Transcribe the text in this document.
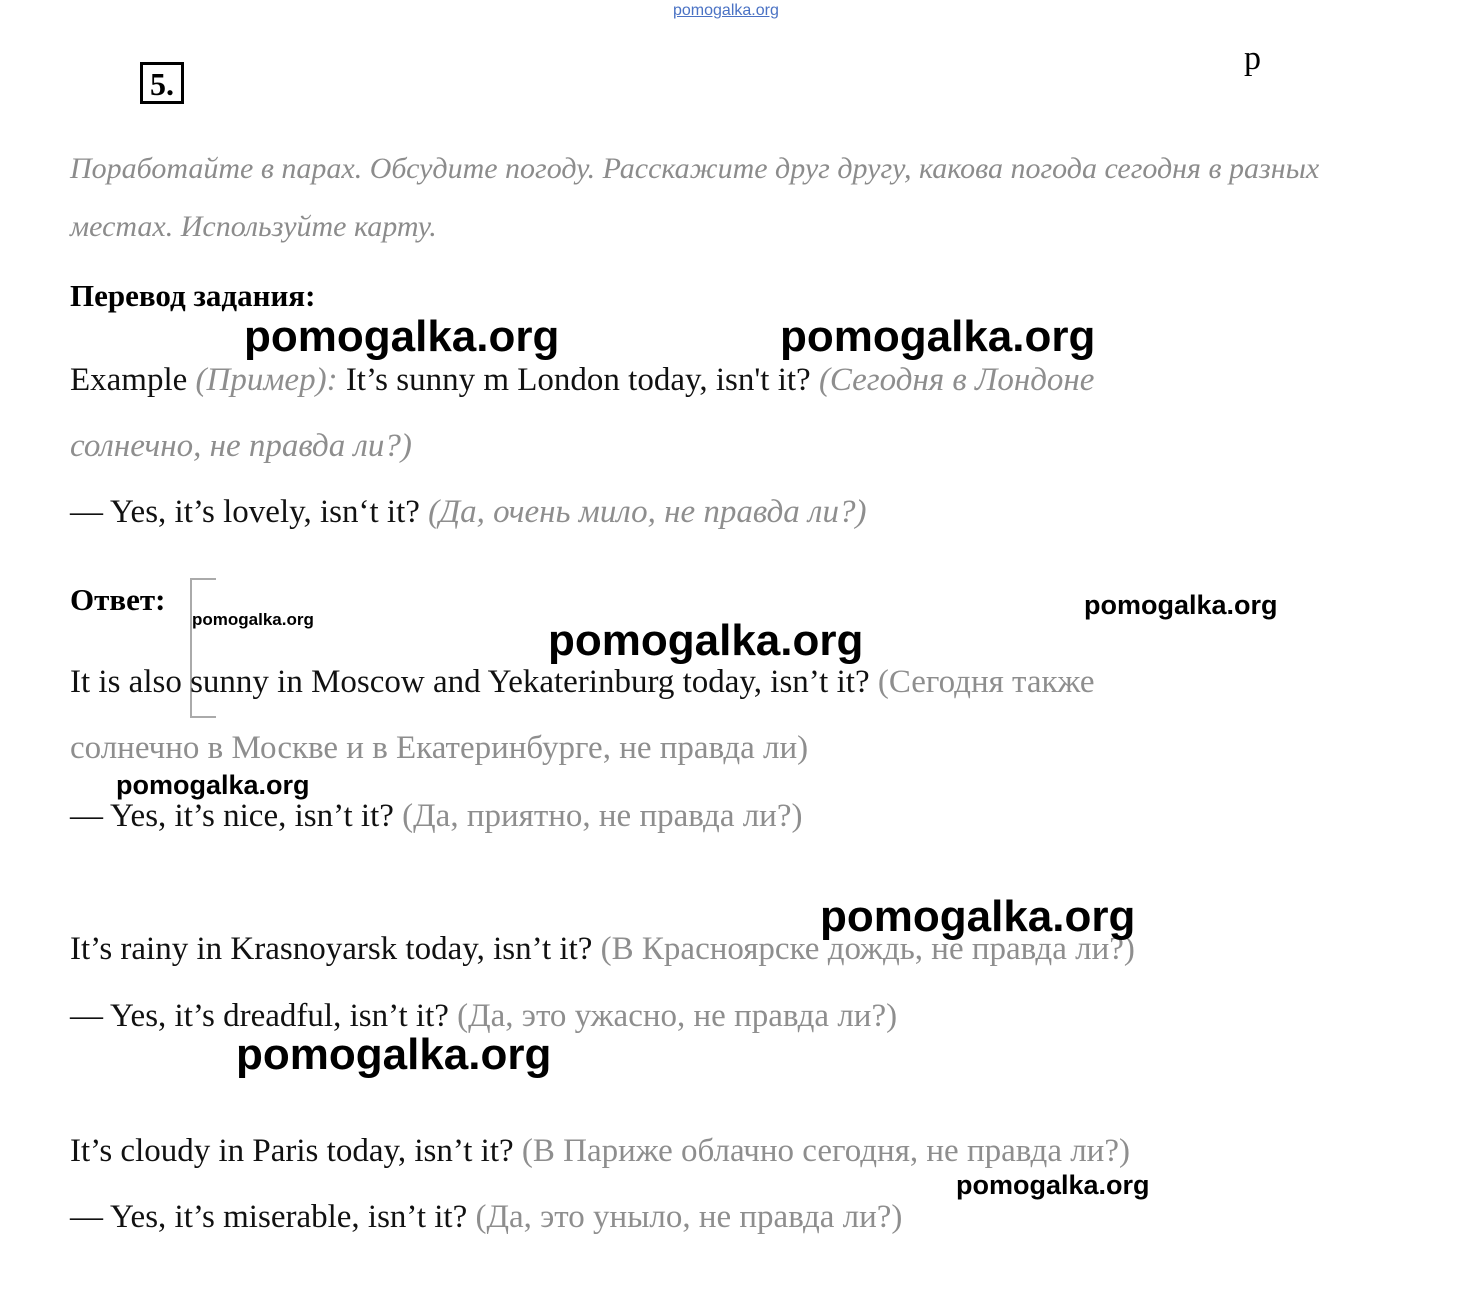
pomogalka.org
5.
p
Поработайте в парах. Обсудите погоду. Расскажите друг другу, какова погода сегодня в разных местах. Используйте карту.
Перевод задания:
Example (Пример): It’s sunny m London today, isn't it? (Сегодня в Лондоне
солнечно, не правда ли?)
— Yes, it’s lovely, isn‘t it? (Да, очень мило, не правда ли?)
Ответ:
It is also sunny in Moscow and Yekaterinburg today, isn’t it? (Сегодня также
солнечно в Москве и в Екатеринбурге, не правда ли)
— Yes, it’s nice, isn’t it? (Да, приятно, не правда ли?)
It’s rainy in Krasnoyarsk today, isn’t it? (В Красноярске дождь, не правда ли?)
— Yes, it’s dreadful, isn’t it? (Да, это ужасно, не правда ли?)
It’s cloudy in Paris today, isn’t it? (В Париже облачно сегодня, не правда ли?)
— Yes, it’s miserable, isn’t it? (Да, это уныло, не правда ли?)
pomogalka.org	pomogalka.org
pomogalka.org	pomogalka.org
pomogalka.org
pomogalka.org
pomogalka.org
pomogalka.org
pomogalka.org
